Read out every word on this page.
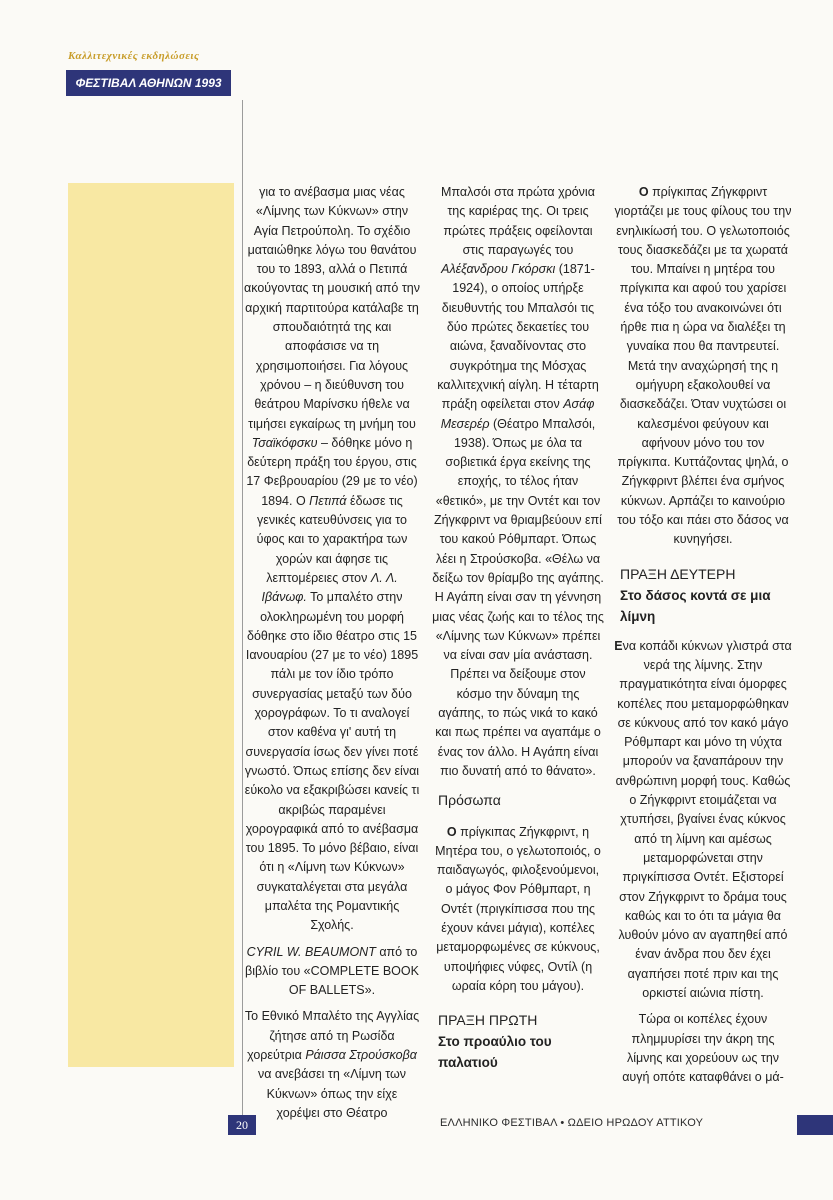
Καλλιτεχνικές εκδηλώσεις
ΦΕΣΤΙΒΑΛ ΑΘΗΝΩΝ 1993

για το ανέβασμα μιας νέας «Λίμνης των Κύκνων» στην Αγία Πετρούπολη. Το σχέδιο ματαιώθηκε λόγω του θανάτου του το 1893, αλλά ο Πετιπά ακούγοντας τη μουσική από την αρχική παρτιτούρα κατάλαβε τη σπουδαιότητά της και αποφάσισε να τη χρησιμοποιήσει. Για λόγους χρόνου – η διεύθυνση του θεάτρου Μαρίνσκυ ήθελε να τιμήσει εγκαίρως τη μνήμη του Τσαϊκόφσκυ – δόθηκε μόνο η δεύτερη πράξη του έργου, στις 17 Φεβρουαρίου (29 με το νέο) 1894. Ο Πετιπά έδωσε τις γενικές κατευθύνσεις για το ύφος και το χαρακτήρα των χορών και άφησε τις λεπτομέρειες στον Λ. Λ. Ιβάνωφ. Το μπαλέτο στην ολοκληρωμένη του μορφή δόθηκε στο ίδιο θέατρο στις 15 Ιανουαρίου (27 με το νέο) 1895 πάλι με τον ίδιο τρόπο συνεργασίας μεταξύ των δύο χορογράφων. Το τι αναλογεί στον καθένα γι' αυτή τη συνεργασία ίσως δεν γίνει ποτέ γνωστό. Όπως επίσης δεν είναι εύκολο να εξακριβώσει κανείς τι ακριβώς παραμένει χορογραφικά από το ανέβασμα του 1895. Το μόνο βέβαιο, είναι ότι η «Λίμνη των Κύκνων» συγκαταλέγεται στα μεγάλα μπαλέτα της Ρομαντικής Σχολής.

CYRIL W. BEAUMONT από το βιβλίο του «COMPLETE BOOK OF BALLETS».

Το Εθνικό Μπαλέτο της Αγγλίας ζήτησε από τη Ρωσίδα χορεύτρια Ράισσα Στρούσκοβα να ανεβάσει τη «Λίμνη των Κύκνων» όπως την είχε χορέψει στο Θέατρο

Μπαλσόι στα πρώτα χρόνια της καριέρας της. Οι τρεις πρώτες πράξεις οφείλονται στις παραγωγές του Αλέξανδρου Γκόρσκι (1871-1924), ο οποίος υπήρξε διευθυντής του Μπαλσόι τις δύο πρώτες δεκαετίες του αιώνα, ξαναδίνοντας στο συγκρότημα της Μόσχας καλλιτεχνική αίγλη. Η τέταρτη πράξη οφείλεται στον Ασάφ Μεσερέρ (Θέατρο Μπαλσόι, 1938). Όπως με όλα τα σοβιετικά έργα εκείνης της εποχής, το τέλος ήταν «θετικό», με την Οντέτ και τον Ζήγκφριντ να θριαμβεύουν επί του κακού Ρόθμπαρτ. Όπως λέει η Στρούσκοβα. «Θέλω να δείξω τον θρίαμβο της αγάπης. Η Αγάπη είναι σαν τη γέννηση μιας νέας ζωής και το τέλος της «Λίμνης των Κύκνων» πρέπει να είναι σαν μία ανάσταση. Πρέπει να δείξουμε στον κόσμο την δύναμη της αγάπης, το πώς νικά το κακό και πως πρέπει να αγαπάμε ο ένας τον άλλο. Η Αγάπη είναι πιο δυνατή από το θάνατο».

Πρόσωπα

Ο πρίγκιπας Ζήγκφριντ, η Μητέρα του, ο γελωτοποιός, ο παιδαγωγός, φιλοξενούμενοι, ο μάγος Φον Ρόθμπαρτ, η Οντέτ (πριγκίπισσα που της έχουν κάνει μάγια), κοπέλες μεταμορφωμένες σε κύκνους, υποψήφιες νύφες, Οντίλ (η ωραία κόρη του μάγου).

ΠΡΑΞΗ ΠΡΩΤΗ
Στο προαύλιο του παλατιού

Ο πρίγκιπας Ζήγκφριντ γιορτάζει με τους φίλους του την ενηλικίωσή του. Ο γελωτοποιός τους διασκεδάζει με τα χωρατά του. Μπαίνει η μητέρα του πρίγκιπα και αφού του χαρίσει ένα τόξο του ανακοινώνει ότι ήρθε πια η ώρα να διαλέξει τη γυναίκα που θα παντρευτεί. Μετά την αναχώρησή της η ομήγυρη εξακολουθεί να διασκεδάζει. Όταν νυχτώσει οι καλεσμένοι φεύγουν και αφήνουν μόνο του τον πρίγκιπα. Κυττάζοντας ψηλά, ο Ζήγκφριντ βλέπει ένα σμήνος κύκνων. Αρπάζει το καινούριο του τόξο και πάει στο δάσος να κυνηγήσει.

ΠΡΑΞΗ ΔΕΥΤΕΡΗ
Στο δάσος κοντά σε μια λίμνη

Ενα κοπάδι κύκνων γλιστρά στα νερά της λίμνης. Στην πραγματικότητα είναι όμορφες κοπέλες που μεταμορφώθηκαν σε κύκνους από τον κακό μάγο Ρόθμπαρτ και μόνο τη νύχτα μπορούν να ξαναπάρουν την ανθρώπινη μορφή τους. Καθώς ο Ζήγκφριντ ετοιμάζεται να χτυπήσει, βγαίνει ένας κύκνος από τη λίμνη και αμέσως μεταμορφώνεται στην πριγκίπισσα Οντέτ. Εξιστορεί στον Ζήγκφριντ το δράμα τους καθώς και το ότι τα μάγια θα λυθούν μόνο αν αγαπηθεί από έναν άνδρα που δεν έχει αγαπήσει ποτέ πριν και της ορκιστεί αιώνια πίστη.

Τώρα οι κοπέλες έχουν πλημμυρίσει την άκρη της λίμνης και χορεύουν ως την αυγή οπότε καταφθάνει ο μά-

20	ΕΛΛΗΝΙΚΟ ΦΕΣΤΙΒΑΛ • ΩΔΕΙΟ ΗΡΩΔΟΥ ΑΤΤΙΚΟΥ
